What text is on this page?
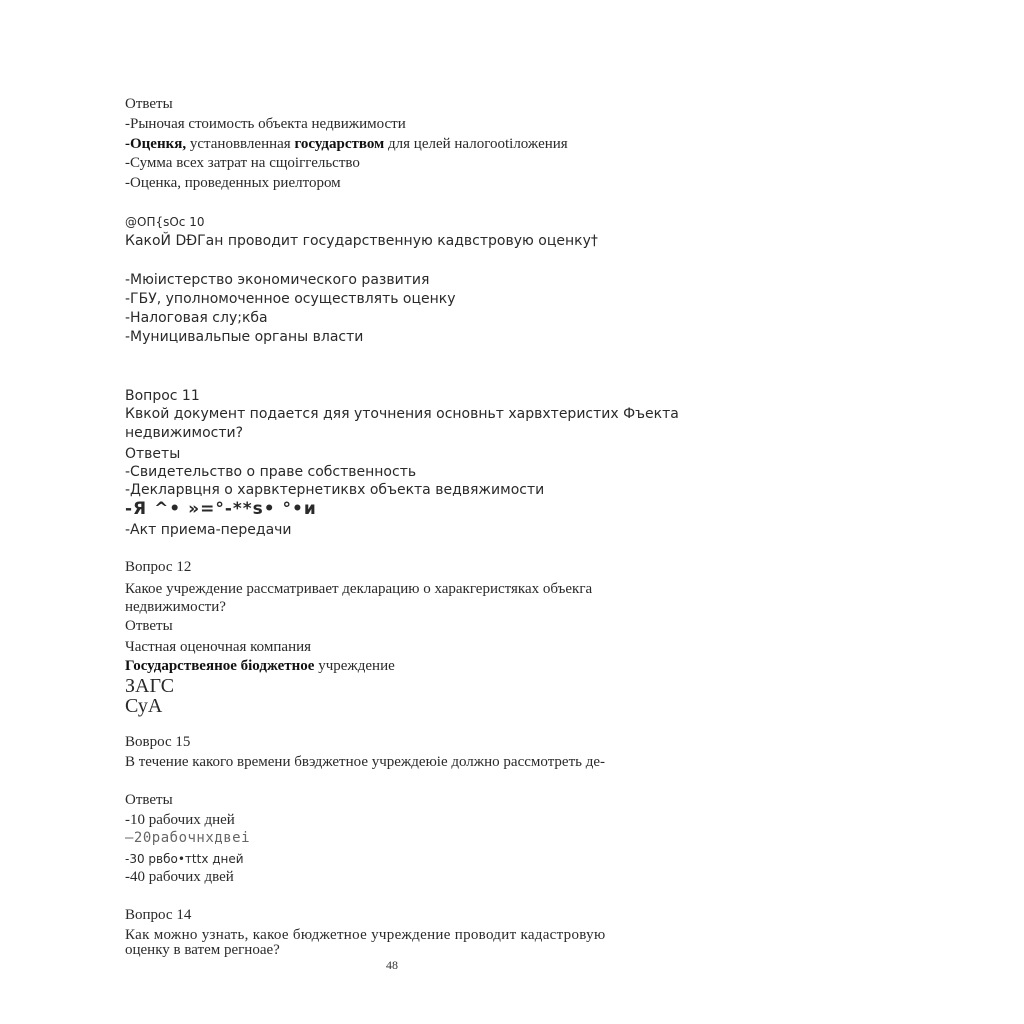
Ответы
-Рыночая стоимость объекта недвижимости
-Оценкя, установвленная государством для целей налогооtiложения
-Сумма всех затрат на сщоiггельство
-Оценка, проведенных риелтором
@ОП{sОс 10
КакоЙ DĐГан проводит государственную кадвстровую оценку†
-Мюiистерство экономического развития
-ГБУ, уполномоченное осуществлять оценку
-Налоговая слу;кба
-Муницивальпые органы власти
Вопрос 11
Квкой документ подается дяя уточнения основньт харвхтеристих Фъекта
недвижимости?
Ответы
-Свидетельство о праве собственность
-Декларвцня о харвктернетиквх объекта ведвяжимости
-Я ^• »=°-**s• °•и
-Акт приема-передачи
Вопрос 12
Какое учреждение рассматривает декларацию о харакгеристяках объекга
недвижимости?
Ответы
Частная оценочная компания
Государствеяное бiоджетное учреждение
ЗАГС
СуА
Воврос 15
В течение какого времени бвэджетное учреждеюiе должно рассмотреть де-
Ответы
-10 рабочих дней
–20рабочнхдвеi
-30 рвбо•тttх дней
-40 рабочих двей
Вопрос 14
Как можно узнать, какое бюджетное учреждение проводит кадастровую
оценку в ватем регноае?
48
